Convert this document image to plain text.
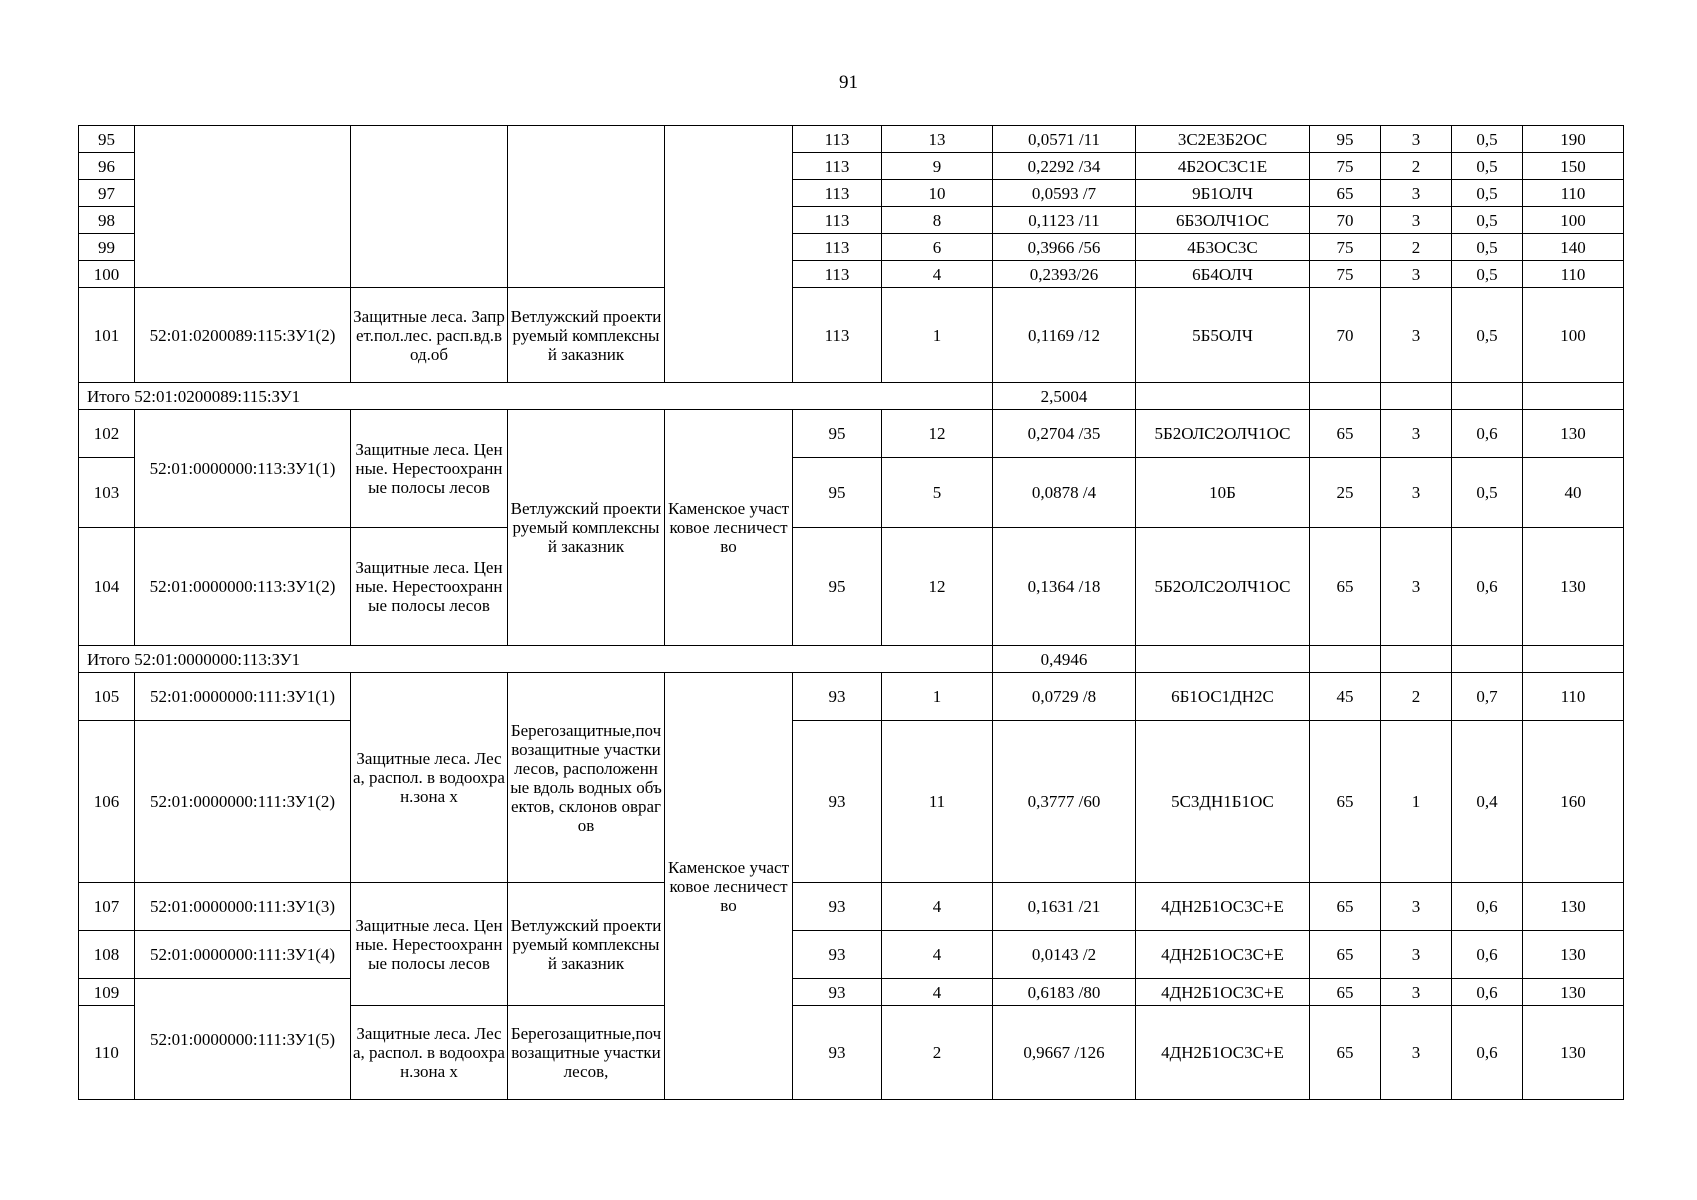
91
95					113	13	0,0571 /11	3С2Е3Б2ОС	95	3	0,5	190
96					113	9	0,2292 /34	4Б2ОС3С1Е	75	2	0,5	150
97					113	10	0,0593 /7	9Б1ОЛЧ	65	3	0,5	110
98					113	8	0,1123 /11	6Б3ОЛЧ1ОС	70	3	0,5	100
99					113	6	0,3966 /56	4Б3ОС3С	75	2	0,5	140
100					113	4	0,2393/26	6Б4ОЛЧ	75	3	0,5	110
101	52:01:0200089:115:ЗУ1(2)	Защитные леса. Запрет.пол.лес. расп.вд.вод.об	Ветлужский проектируемый комплексный заказник		113	1	0,1169 /12	5Б5ОЛЧ	70	3	0,5	100
Итого 52:01:0200089:115:ЗУ1							2,5004					
102	52:01:0000000:113:ЗУ1(1)	Защитные леса. Ценные. Нерестоохранные полосы лесов	Ветлужский проектируемый комплексный заказник	Каменское участковое лесничество	95	12	0,2704 /35	5Б2ОЛС2ОЛЧ1ОС	65	3	0,6	130
103					95	5	0,0878 /4	10Б	25	3	0,5	40
104	52:01:0000000:113:ЗУ1(2)	Защитные леса. Ценные. Нерестоохранные полосы лесов			95	12	0,1364 /18	5Б2ОЛС2ОЛЧ1ОС	65	3	0,6	130
Итого 52:01:0000000:113:ЗУ1							0,4946					
105	52:01:0000000:111:ЗУ1(1)	Защитные леса. Леса, распол. в водоохран.зона х	Берегозащитные,почвозащитные участки лесов, расположенные вдоль водных объектов, склонов оврагов	Каменское участковое лесничество	93	1	0,0729 /8	6Б1ОС1ДН2С	45	2	0,7	110
106	52:01:0000000:111:ЗУ1(2)				93	11	0,3777 /60	5С3ДН1Б1ОС	65	1	0,4	160
107	52:01:0000000:111:ЗУ1(3)	Защитные леса. Ценные. Нерестоохранные полосы лесов	Ветлужский проектируемый комплексный заказник		93	4	0,1631 /21	4ДН2Б1ОС3С+Е	65	3	0,6	130
108	52:01:0000000:111:ЗУ1(4)				93	4	0,0143 /2	4ДН2Б1ОС3С+Е	65	3	0,6	130
109	52:01:0000000:111:ЗУ1(5)				93	4	0,6183 /80	4ДН2Б1ОС3С+Е	65	3	0,6	130
110		Защитные леса. Леса, распол. в водоохран.зона х	Берегозащитные,почвозащитные участки лесов,		93	2	0,9667 /126	4ДН2Б1ОС3С+Е	65	3	0,6	130
